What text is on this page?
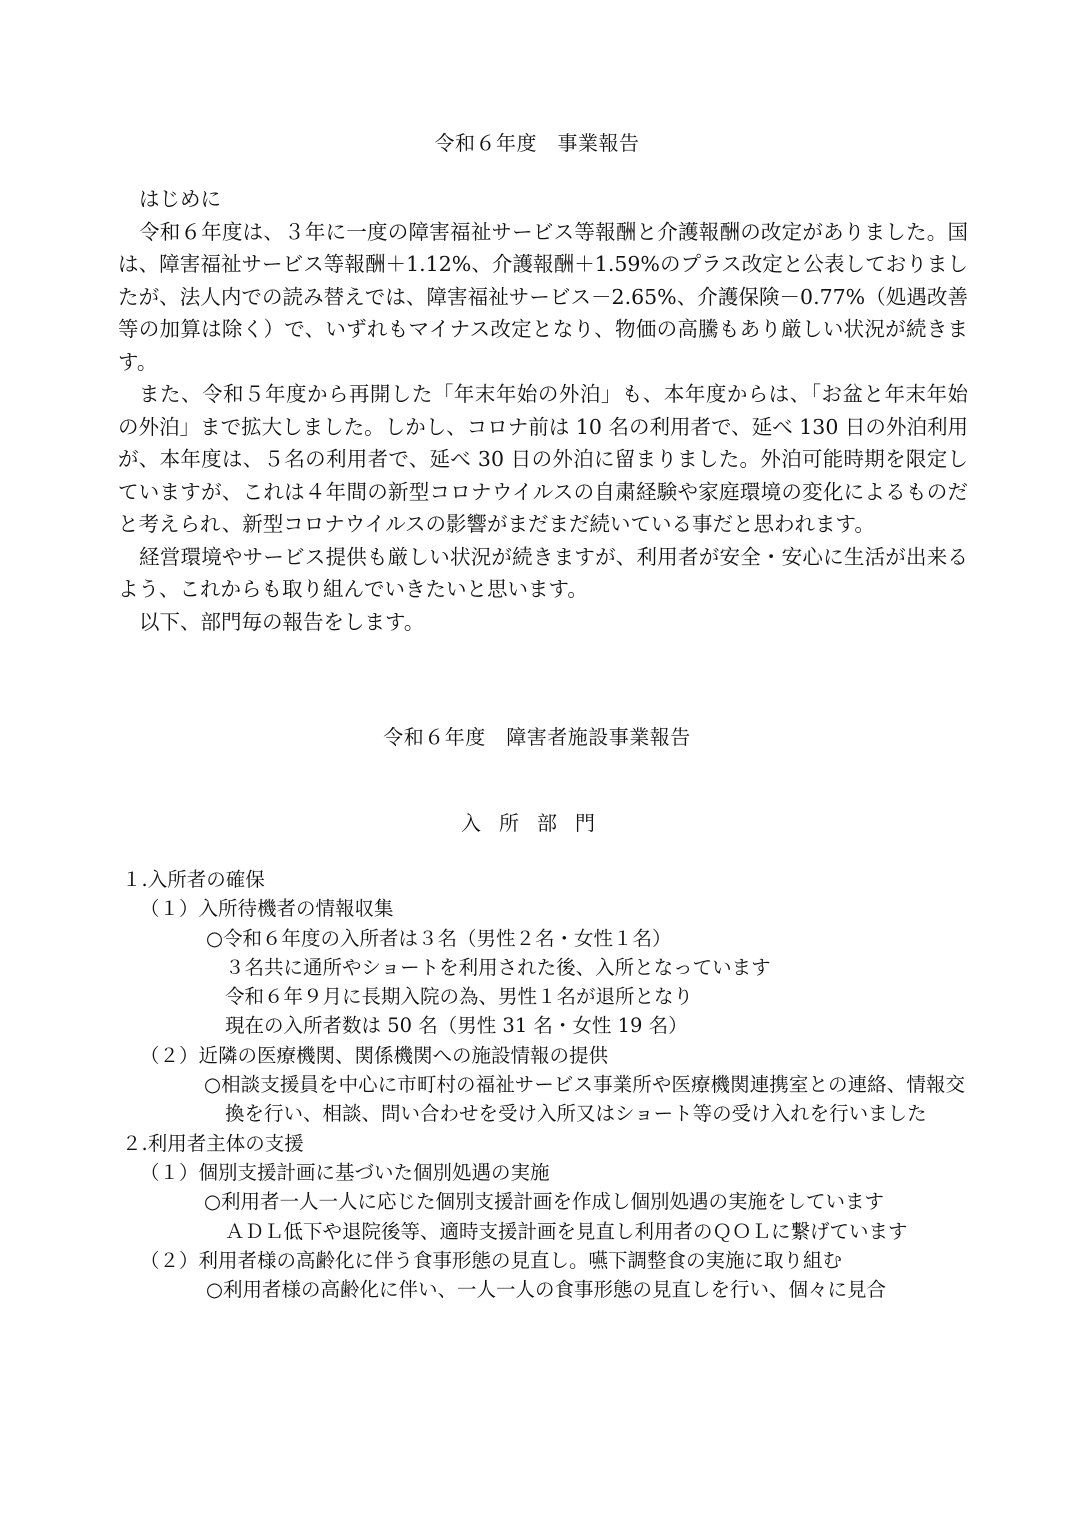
令和６年度　事業報告

はじめに

令和６年度は、３年に一度の障害福祉サービス等報酬と介護報酬の改定がありました。国は、障害福祉サービス等報酬＋1.12%、介護報酬＋1.59%のプラス改定と公表しておりましたが、法人内での読み替えでは、障害福祉サービス－2.65%、介護保険－0.77%（処遇改善等の加算は除く）で、いずれもマイナス改定となり、物価の高騰もあり厳しい状況が続きます。

また、令和５年度から再開した「年末年始の外泊」も、本年度からは、「お盆と年末年始の外泊」まで拡大しました。しかし、コロナ前は 10 名の利用者で、延べ 130 日の外泊利用が、本年度は、５名の利用者で、延べ 30 日の外泊に留まりました。外泊可能時期を限定していますが、これは４年間の新型コロナウイルスの自粛経験や家庭環境の変化によるものだと考えられ、新型コロナウイルスの影響がまだまだ続いている事だと思われます。

経営環境やサービス提供も厳しい状況が続きますが、利用者が安全・安心に生活が出来るよう、これからも取り組んでいきたいと思います。

以下、部門毎の報告をします。

令和６年度　障害者施設事業報告
入所部門
１.入所者の確保
（１）入所待機者の情報収集
○令和６年度の入所者は３名（男性２名・女性１名）
３名共に通所やショートを利用された後、入所となっています
令和６年９月に長期入院の為、男性１名が退所となり
現在の入所者数は 50 名（男性 31 名・女性 19 名）
（２）近隣の医療機関、関係機関への施設情報の提供
○相談支援員を中心に市町村の福祉サービス事業所や医療機関連携室との連絡、情報交換を行い、相談、問い合わせを受け入所又はショート等の受け入れを行いました
２.利用者主体の支援
（１）個別支援計画に基づいた個別処遇の実施
○利用者一人一人に応じた個別支援計画を作成し個別処遇の実施をしています
ＡＤＬ低下や退院後等、適時支援計画を見直し利用者のＱＯＬに繋げています
（２）利用者様の高齢化に伴う食事形態の見直し。嚥下調整食の実施に取り組む
○利用者様の高齢化に伴い、一人一人の食事形態の見直しを行い、個々に見合
